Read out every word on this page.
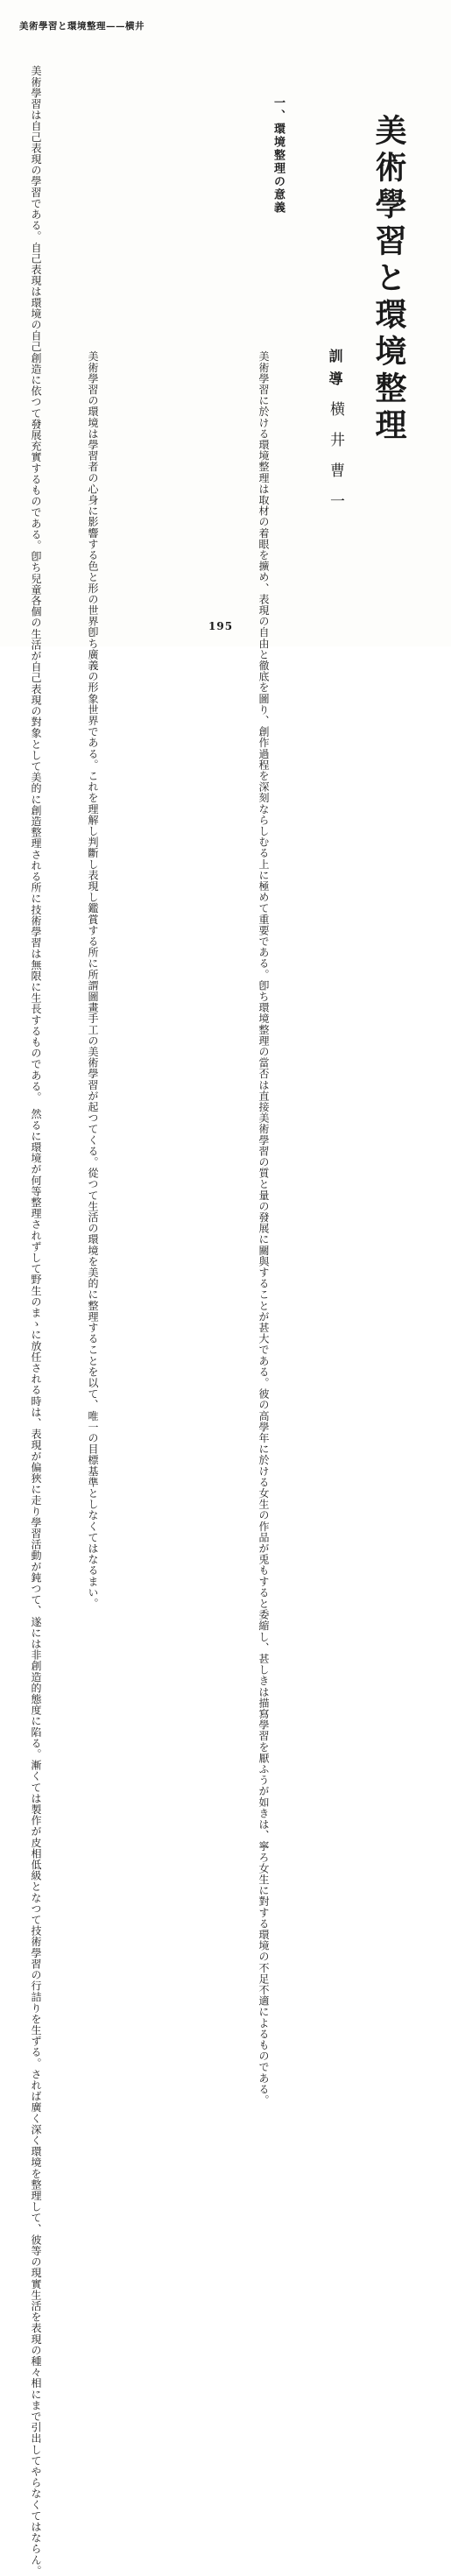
美術學習と環境整理——横井
美術學習と環境整理
訓導
横井曹一
一、環境整理の意義
　美術學習は自己表現の學習である。自己表現は環境の自己創造に依つて發展充實するものである。卽ち兒童各個の生活が自己表現の對象として美的に創造整理される所に技術學習は無限に生長するものである。　然るに環境が何等整理されずして野生のまゝに放任される時は、表現が偏狹に走り學習活動が鈍つて、遂には非創造的態度に陷る。漸くては製作が皮相低級となつて技術學習の行詰りを生ずる。されば廣く深く環境を整理して、彼等の現實生活を表現の種々相にまで引出してやらなくてはならん。	　美術學習に於ける環境整理は取材の着眼を擴め、表現の自由と徹底を圖り、創作過程を深刻ならしむる上に極めて重要である。卽ち環境整理の當否は直接美術學習の質と量の發展に關與することが甚大である。彼の高學年に於ける女生の作品が兎もすると委縮し、甚しきは描寫學習を厭ふうが如きは、寧ろ女生に對する環境の不足不適によるものである。
　美術學習の環境は學習者の心身に影響する色と形の世界卽ち廣義の形象世界である。これを理解し判斷し表現し鑑賞する所に所謂圖畫手工の美術學習が起つてくる。從つて生活の環境を美的に整理することを以て、唯一の目標基準としなくてはなるまい。	195
